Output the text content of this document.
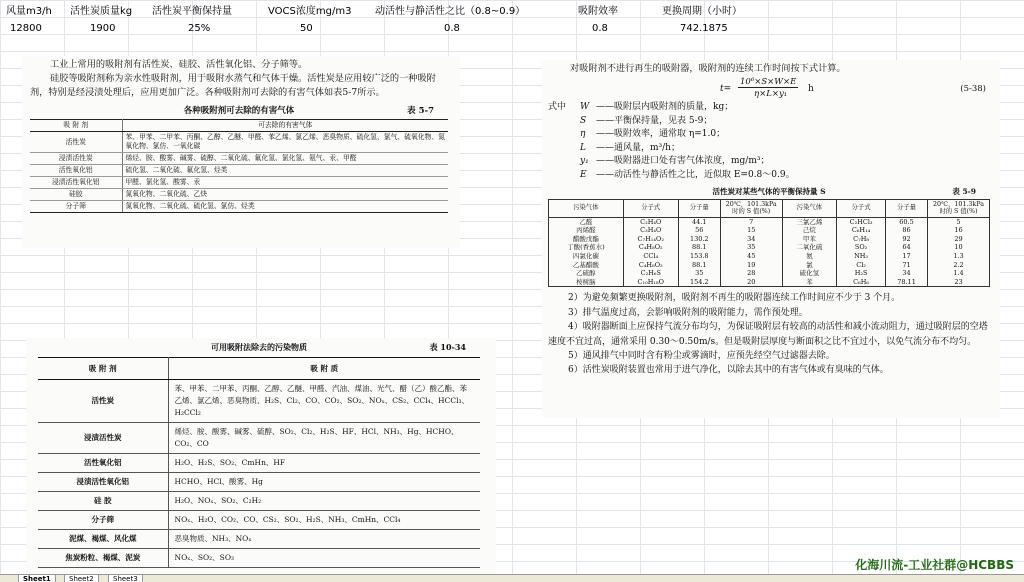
风量m3/h 活性炭质量kg 活性炭平衡保持量	VOCS浓度mg/m3 动活性与静活性之比（0.8~0.9）	吸附效率	更换周期（小时）
12800	1900	25%	50	0.8	0.8	742.1875
工业上常用的吸附剂有活性炭、硅胶、活性氧化铝、分子筛等。
硅胶等吸附剂称为亲水性吸附剂，用于吸附水蒸气和气体干燥。活性炭是应用较广泛的一种吸附剂，特别是经浸渍处理后，应用更加广泛。各种吸附剂可去除的有害气体如表5-7所示。
各种吸附剂可去除的有害气体	表 5-7
吸 附 剂	可去除的有害气体
活性炭	苯、甲苯、二甲苯、丙酮、乙醇、乙醚、甲醛、苯乙烯、氯乙烯、恶臭物质、硫化氢、氯气、硫氧化物、氮氧化物、氯仿、一氧化碳
浸渍活性炭	烯烃、胺、酸雾、碱雾、硫醇、二氧化硫、氟化氢、氯化氢、氨气、汞、甲醛
活性氧化铝	硫化氢、二氧化硫、氟化氢、烃类
浸渍活性氧化铝	甲醛、氯化氢、酸雾、汞
硅胶	氮氧化物、二氧化硫、乙炔
分子筛	氮氧化物、二氧化硫、硫化氢、氯仿、烃类
可用吸附法除去的污染物质	表 10-34
吸 附 剂	吸 附 质
活性炭	苯、甲苯、二甲苯、丙酮、乙醇、乙醚、甲醛、汽油、煤油、光气、醋（乙）酸乙酯、苯乙烯、氯乙烯、恶臭物质、H₂S、Cl₂、CO、CO₂、SO₂、NOₓ、CS₂、CCl₄、HCCl₃、H₂CCl₂
浸渍活性炭	烯烃、胺、酸雾、碱雾、硫醇、SO₂、Cl₂、H₂S、HF、HCl、NH₃、Hg、HCHO、CO₂、CO
活性氧化铝	H₂O、H₂S、SO₂、CmHn、HF
浸渍活性氧化铝	HCHO、HCl、酸雾、Hg
硅 胶	H₂O、NOₓ、SO₂、C₂H₂
分子筛	NOₓ、H₂O、CO₂、CO、CS₂、SO₂、H₂S、NH₃、CmHn、CCl₄
泥煤、褐煤、风化煤	恶臭物质、NH₃、NOₓ
焦炭粉粒、褐煤、泥炭	NOₓ、SO₂、SO₃
对吸附剂不进行再生的吸附器，吸附剂的连续工作时间按下式计算。
t=
10⁶×S×W×E
η×L×y₁ h	(5-38)
式中 W ——吸附层内吸附剂的质量，kg；
S ——平衡保持量，见表 5-9；
η ——吸附效率，通常取 η=1.0；
L ——通风量，m³/h；
y₁ ——吸附器进口处有害气体浓度，mg/m³；
E ——动活性与静活性之比，近似取 E=0.8～0.9。
活性炭对某些气体的平衡保持量 S	表 5-9
污染气体	分子式	分子量	20℃，101.3kPa时的 S 值(%)	污染气体	分子式	分子量	20℃，101.3kPa时的 S 值(%)
乙醛	C₂H₄O	44.1	7	三氯乙烯	C₂HCl₃	60.5	5
丙烯醛	C₃H₄O	56	15	己烷	C₆H₁₄	86	16
醋酸戊酯	C₇H₁₄O₂	130.2	34	甲苯	C₇H₈	92	29
丁酸(香蕉水)	C₄H₈O₂	88.1	35	二氧化硫	SO₂	64	10
四氯化碳	CCl₄	153.8	45	氨	NH₃	17	1.3
乙基醋酸	C₄H₈O₂	88.1	19	氯	Cl₂	71	2.2
乙硫醇	C₂H₆S	35	28	硫化氢	H₂S	34	1.4
桉树脑	C₁₀H₁₈O	154.2	20	苯	C₆H₆	78.11	23
2）为避免频繁更换吸附剂，吸附剂不再生的吸附器连续工作时间应不少于 3 个月。
3）排气温度过高，会影响吸附剂的吸附能力，需作预处理。
4）吸附器断面上应保持气流分布均匀，为保证吸附层有较高的动活性和减小流动阻力，通过吸附层的空塔速度不宜过高，通常采用 0.30～0.50m/s。但是吸附层厚度与断面积之比不宜过小，以免气流分布不均匀。
5）通风排气中同时含有粉尘或雾滴时，应预先经空气过滤器去除。
6）活性炭吸附装置也常用于进气净化，以除去其中的有害气体或有臭味的气体。
化海川流-工业社群@HCBBS
Sheet1	Sheet2	Sheet3
